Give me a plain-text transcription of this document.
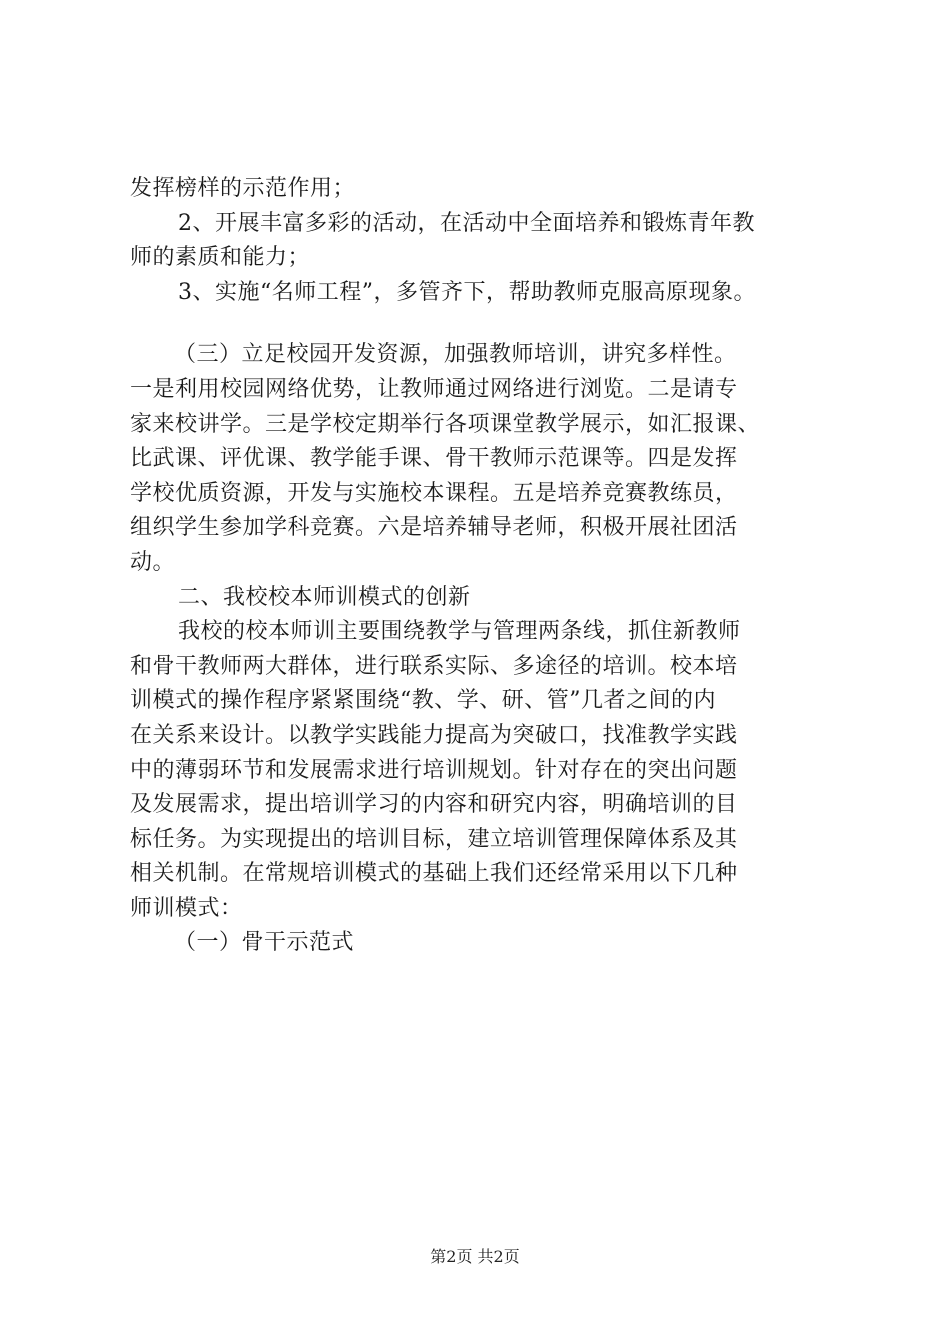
发挥榜样的示范作用；
2、开展丰富多彩的活动，在活动中全面培养和锻炼青年教
师的素质和能力；
3、实施“名师工程”，多管齐下，帮助教师克服高原现象。
（三）立足校园开发资源，加强教师培训，讲究多样性。
一是利用校园网络优势，让教师通过网络进行浏览。二是请专
家来校讲学。三是学校定期举行各项课堂教学展示，如汇报课、
比武课、评优课、教学能手课、骨干教师示范课等。四是发挥
学校优质资源，开发与实施校本课程。五是培养竞赛教练员，
组织学生参加学科竞赛。六是培养辅导老师，积极开展社团活
动。
二、我校校本师训模式的创新
我校的校本师训主要围绕教学与管理两条线，抓住新教师
和骨干教师两大群体，进行联系实际、多途径的培训。校本培
训模式的操作程序紧紧围绕“教、学、研、管”几者之间的内
在关系来设计。以教学实践能力提高为突破口，找准教学实践
中的薄弱环节和发展需求进行培训规划。针对存在的突出问题
及发展需求，提出培训学习的内容和研究内容，明确培训的目
标任务。为实现提出的培训目标，建立培训管理保障体系及其
相关机制。在常规培训模式的基础上我们还经常采用以下几种
师训模式：
（一）骨干示范式
第2页 共2页
